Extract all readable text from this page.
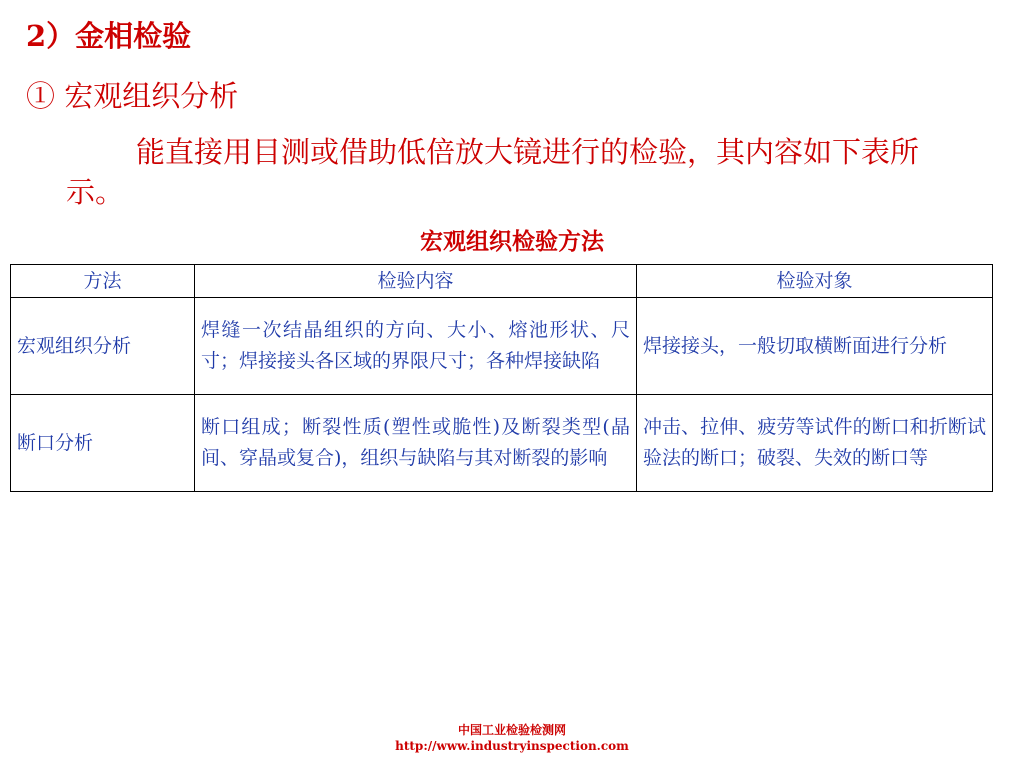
2）金相检验
① 宏观组织分析
能直接用目测或借助低倍放大镜进行的检验，其内容如下表所示。
宏观组织检验方法
方法	检验内容	检验对象
宏观组织分析	焊缝一次结晶组织的方向、大小、熔池形状、尺寸；焊接接头各区域的界限尺寸；各种焊接缺陷	焊接接头，一般切取横断面进行分析
断口分析	断口组成；断裂性质(塑性或脆性)及断裂类型(晶间、穿晶或复合)，组织与缺陷与其对断裂的影响	冲击、拉伸、疲劳等试件的断口和折断试验法的断口；破裂、失效的断口等
中国工业检验检测网
http://www.industryinspection.com
